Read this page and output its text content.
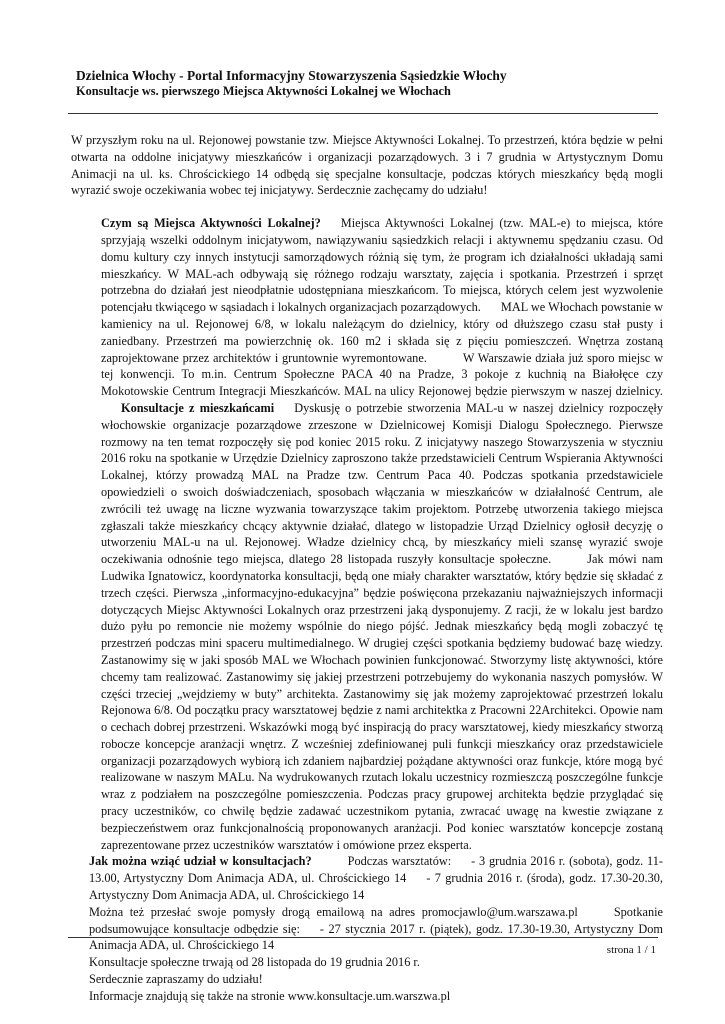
Dzielnica Włochy - Portal Informacyjny Stowarzyszenia Sąsiedzkie Włochy
Konsultacje ws. pierwszego Miejsca Aktywności Lokalnej we Włochach

W przyszłym roku na ul. Rejonowej powstanie tzw. Miejsce Aktywności Lokalnej. To przestrzeń, która będzie w pełni otwarta na oddolne inicjatywy mieszkańców i organizacji pozarządowych. 3 i 7 grudnia w Artystycznym Domu Animacji na ul. ks. Chrościckiego 14 odbędą się specjalne konsultacje, podczas których mieszkańcy będą mogli wyrazić swoje oczekiwania wobec tej inicjatywy. Serdecznie zachęcamy do udziału!

Czym są Miejsca Aktywności Lokalnej? Miejsca Aktywności Lokalnej (tzw. MAL-e) to miejsca, które sprzyjają wszelki oddolnym inicjatywom, nawiązywaniu sąsiedzkich relacji i aktywnemu spędzaniu czasu. Od domu kultury czy innych instytucji samorządowych różnią się tym, że program ich działalności układają sami mieszkańcy. W MAL-ach odbywają się różnego rodzaju warsztaty, zajęcia i spotkania. Przestrzeń i sprzęt potrzebna do działań jest nieodpłatnie udostępniana mieszkańcom. To miejsca, których celem jest wyzwolenie potencjału tkwiącego w sąsiadach i lokalnych organizacjach pozarządowych. MAL we Włochach powstanie w kamienicy na ul. Rejonowej 6/8, w lokalu należącym do dzielnicy, który od dłuższego czasu stał pusty i zaniedbany. Przestrzeń ma powierzchnię ok. 160 m2 i składa się z pięciu pomieszczeń. Wnętrza zostaną zaprojektowane przez architektów i gruntownie wyremontowane.	W Warszawie działa już sporo miejsc w tej konwencji. To m.in. Centrum Społeczne PACA 40 na Pradze, 3 pokoje z kuchnią na Białołęce czy Mokotowskie Centrum Integracji Mieszkańców. MAL na ulicy Rejonowej będzie pierwszym w naszej dzielnicy.Konsultacje z mieszkańcami Dyskusję o potrzebie stworzenia MAL-u w naszej dzielnicy rozpoczęły włochowskie organizacje pozarządowe zrzeszone w Dzielnicowej Komisji Dialogu Społecznego. Pierwsze rozmowy na ten temat rozpoczęły się pod koniec 2015 roku. Z inicjatywy naszego Stowarzyszenia w styczniu 2016 roku na spotkanie w Urzędzie Dzielnicy zaproszono także przedstawicieli Centrum Wspierania Aktywności Lokalnej, którzy prowadzą MAL na Pradze tzw. Centrum Paca 40. Podczas spotkania przedstawiciele opowiedzieli o swoich doświadczeniach, sposobach włączania w mieszkańców w działalność Centrum, ale zwrócili też uwagę na liczne wyzwania towarzyszące takim projektom. Potrzebę utworzenia takiego miejsca zgłaszali także mieszkańcy chcący aktywnie działać, dlatego w listopadzie Urząd Dzielnicy ogłosił decyzję o utworzeniu MAL-u na ul. Rejonowej. Władze dzielnicy chcą, by mieszkańcy mieli szansę wyrazić swoje oczekiwania odnośnie tego miejsca, dlatego 28 listopada ruszyły konsultacje społeczne.	Jak mówi nam Ludwika Ignatowicz, koordynatorka konsultacji, będą one miały charakter warsztatów, który będzie się składać z trzech części. Pierwsza „informacyjno-edukacyjna” będzie poświęcona przekazaniu najważniejszych informacji dotyczących Miejsc Aktywności Lokalnych oraz przestrzeni jaką dysponujemy. Z racji, że w lokalu jest bardzo dużo pyłu po remoncie nie możemy wspólnie do niego pójść. Jednak mieszkańcy będą mogli zobaczyć tę przestrzeń podczas mini spaceru multimedialnego. W drugiej części spotkania będziemy budować bazę wiedzy. Zastanowimy się w jaki sposób MAL we Włochach powinien funkcjonować. Stworzymy listę aktywności, które chcemy tam realizować. Zastanowimy się jakiej przestrzeni potrzebujemy do wykonania naszych pomysłów. W części trzeciej „wejdziemy w buty” architekta. Zastanowimy się jak możemy zaprojektować przestrzeń lokalu Rejonowa 6/8. Od początku pracy warsztatowej będzie z nami architektka z Pracowni 22Architekci. Opowie nam o cechach dobrej przestrzeni. Wskazówki mogą być inspiracją do pracy warsztatowej, kiedy mieszkańcy stworzą robocze koncepcje aranżacji wnętrz. Z wcześniej zdefiniowanej puli funkcji mieszkańcy oraz przedstawiciele organizacji pozarządowych wybiorą ich zdaniem najbardziej pożądane aktywności oraz funkcje, które mogą być realizowane w naszym MALu. Na wydrukowanych rzutach lokalu uczestnicy rozmieszczą poszczególne funkcje wraz z podziałem na poszczególne pomieszczenia. Podczas pracy grupowej architekta będzie przyglądać się pracy uczestników, co chwilę będzie zadawać uczestnikom pytania, zwracać uwagę na kwestie związane z bezpieczeństwem oraz funkcjonalnością proponowanych aranżacji. Pod koniec warsztatów koncepcje zostaną zaprezentowane przez uczestników warsztatów i omówione przez eksperta.

Jak można wziąć udział w konsultacjach?	Podczas warsztatów: - 3 grudnia 2016 r. (sobota), godz. 11-13.00, Artystyczny Dom Animacja ADA, ul. Chrościckiego 14 - 7 grudnia 2016 r. (środa), godz. 17.30-20.30, Artystyczny Dom Animacja ADA, ul. Chrościckiego 14

Można też przesłać swoje pomysły drogą emailową na adres promocjawlo@um.warszawa.pl	Spotkanie podsumowujące konsultacje odbędzie się: - 27 stycznia 2017 r. (piątek), godz. 17.30-19.30, Artystyczny Dom Animacja ADA, ul. Chrościckiego 14

Konsultacje społeczne trwają od 28 listopada do 19 grudnia 2016 r.

Serdecznie zapraszamy do udziału!

Informacje znajdują się także na stronie www.konsultacje.um.warszwa.pl

strona 1 / 1
